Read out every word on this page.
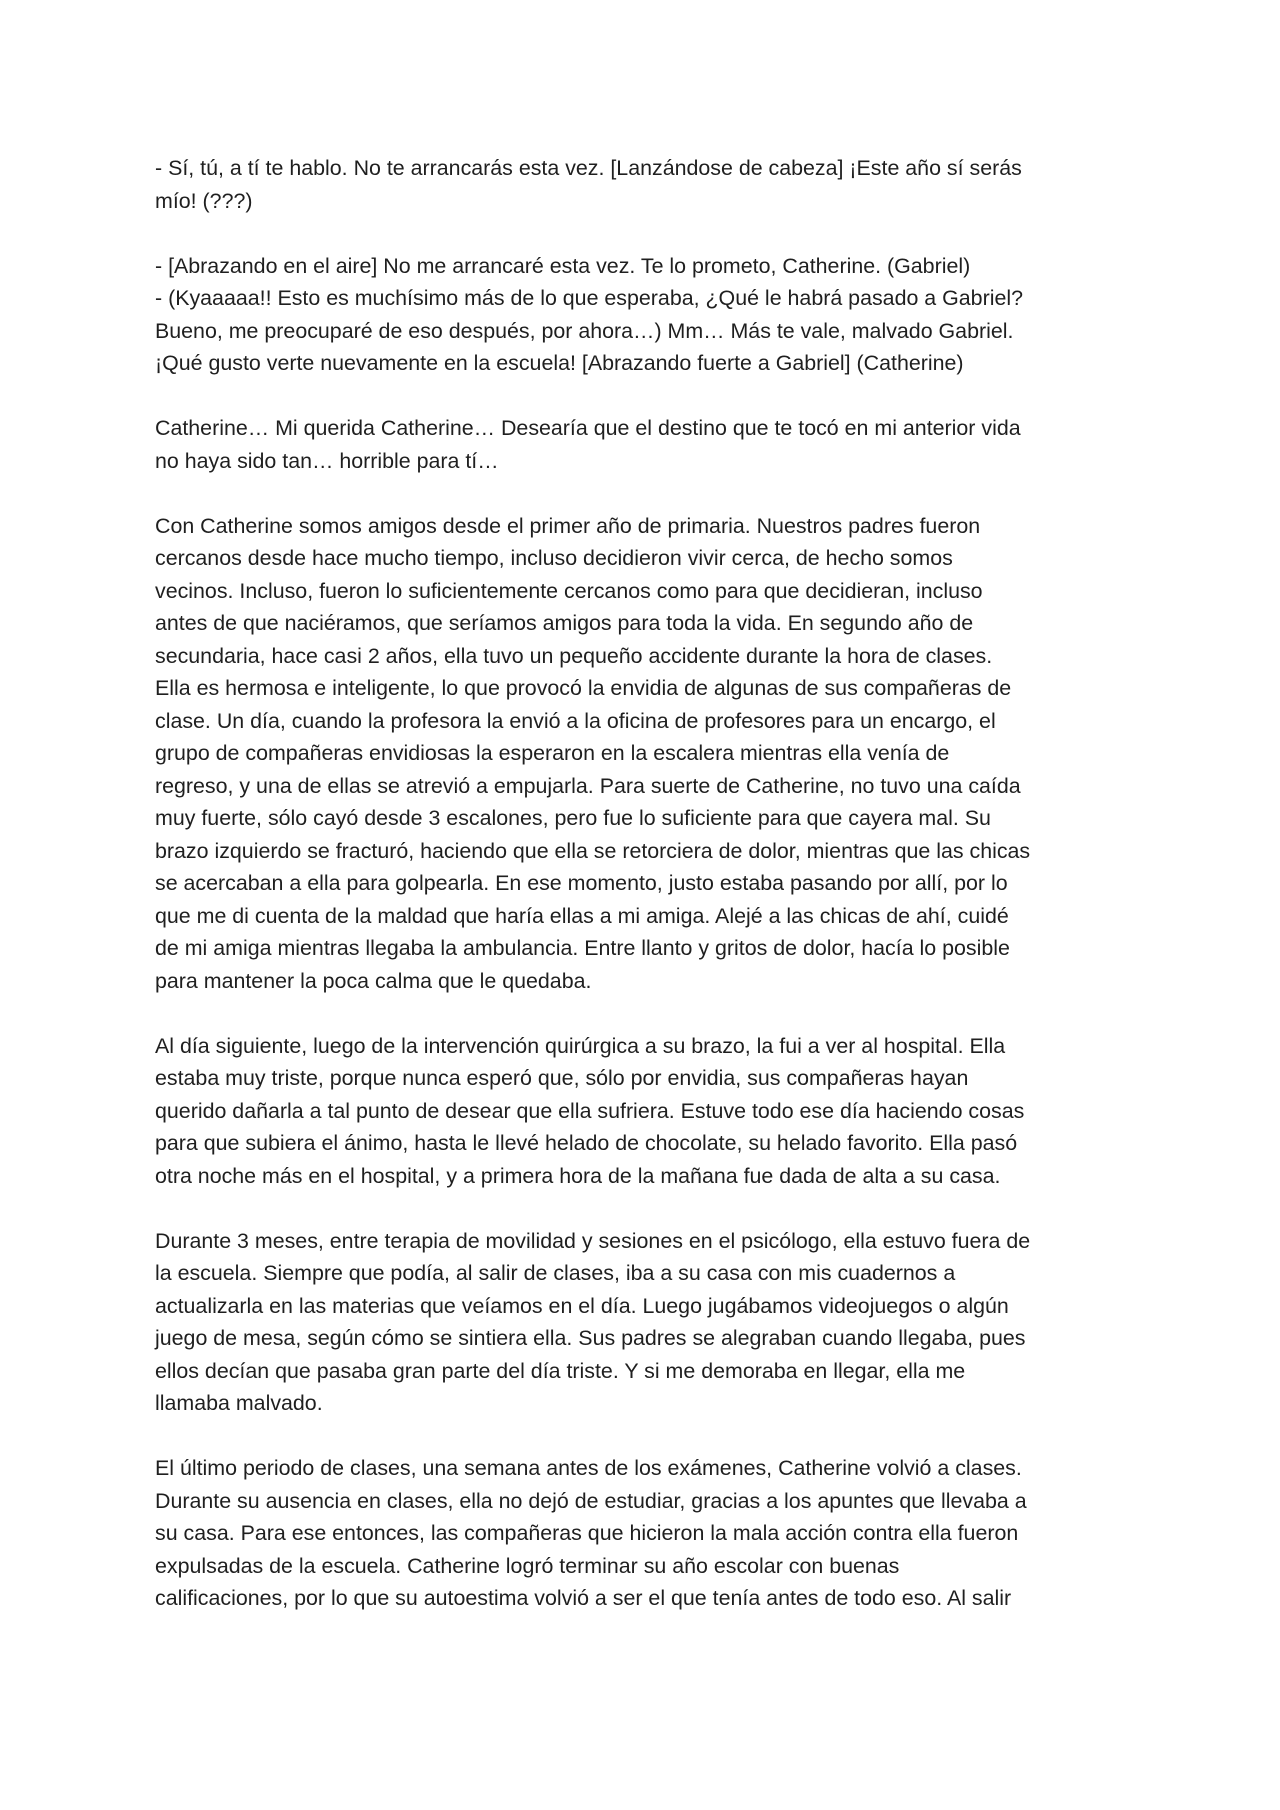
- Sí, tú, a tí te hablo. No te arrancarás esta vez. [Lanzándose de cabeza] ¡Este año sí serás
mío! (???)

- [Abrazando en el aire] No me arrancaré esta vez. Te lo prometo, Catherine. (Gabriel)
- (Kyaaaaa!! Esto es muchísimo más de lo que esperaba, ¿Qué le habrá pasado a Gabriel?
Bueno, me preocuparé de eso después, por ahora…) Mm… Más te vale, malvado Gabriel.
¡Qué gusto verte nuevamente en la escuela! [Abrazando fuerte a Gabriel] (Catherine)

Catherine… Mi querida Catherine… Desearía que el destino que te tocó en mi anterior vida
no haya sido tan… horrible para tí…

Con Catherine somos amigos desde el primer año de primaria. Nuestros padres fueron
cercanos desde hace mucho tiempo, incluso decidieron vivir cerca, de hecho somos
vecinos. Incluso, fueron lo suficientemente cercanos como para que decidieran, incluso
antes de que naciéramos, que seríamos amigos para toda la vida. En segundo año de
secundaria, hace casi 2 años, ella tuvo un pequeño accidente durante la hora de clases.
Ella es hermosa e inteligente, lo que provocó la envidia de algunas de sus compañeras de
clase. Un día, cuando la profesora la envió a la oficina de profesores para un encargo, el
grupo de compañeras envidiosas la esperaron en la escalera mientras ella venía de
regreso, y una de ellas se atrevió a empujarla. Para suerte de Catherine, no tuvo una caída
muy fuerte, sólo cayó desde 3 escalones, pero fue lo suficiente para que cayera mal. Su
brazo izquierdo se fracturó, haciendo que ella se retorciera de dolor, mientras que las chicas
se acercaban a ella para golpearla. En ese momento, justo estaba pasando por allí, por lo
que me di cuenta de la maldad que haría ellas a mi amiga. Alejé a las chicas de ahí, cuidé
de mi amiga mientras llegaba la ambulancia. Entre llanto y gritos de dolor, hacía lo posible
para mantener la poca calma que le quedaba.

Al día siguiente, luego de la intervención quirúrgica a su brazo, la fui a ver al hospital. Ella
estaba muy triste, porque nunca esperó que, sólo por envidia, sus compañeras hayan
querido dañarla a tal punto de desear que ella sufriera. Estuve todo ese día haciendo cosas
para que subiera el ánimo, hasta le llevé helado de chocolate, su helado favorito. Ella pasó
otra noche más en el hospital, y a primera hora de la mañana fue dada de alta a su casa.

Durante 3 meses, entre terapia de movilidad y sesiones en el psicólogo, ella estuvo fuera de
la escuela. Siempre que podía, al salir de clases, iba a su casa con mis cuadernos a
actualizarla en las materias que veíamos en el día. Luego jugábamos videojuegos o algún
juego de mesa, según cómo se sintiera ella. Sus padres se alegraban cuando llegaba, pues
ellos decían que pasaba gran parte del día triste. Y si me demoraba en llegar, ella me
llamaba malvado.

El último periodo de clases, una semana antes de los exámenes, Catherine volvió a clases.
Durante su ausencia en clases, ella no dejó de estudiar, gracias a los apuntes que llevaba a
su casa. Para ese entonces, las compañeras que hicieron la mala acción contra ella fueron
expulsadas de la escuela. Catherine logró terminar su año escolar con buenas
calificaciones, por lo que su autoestima volvió a ser el que tenía antes de todo eso. Al salir
